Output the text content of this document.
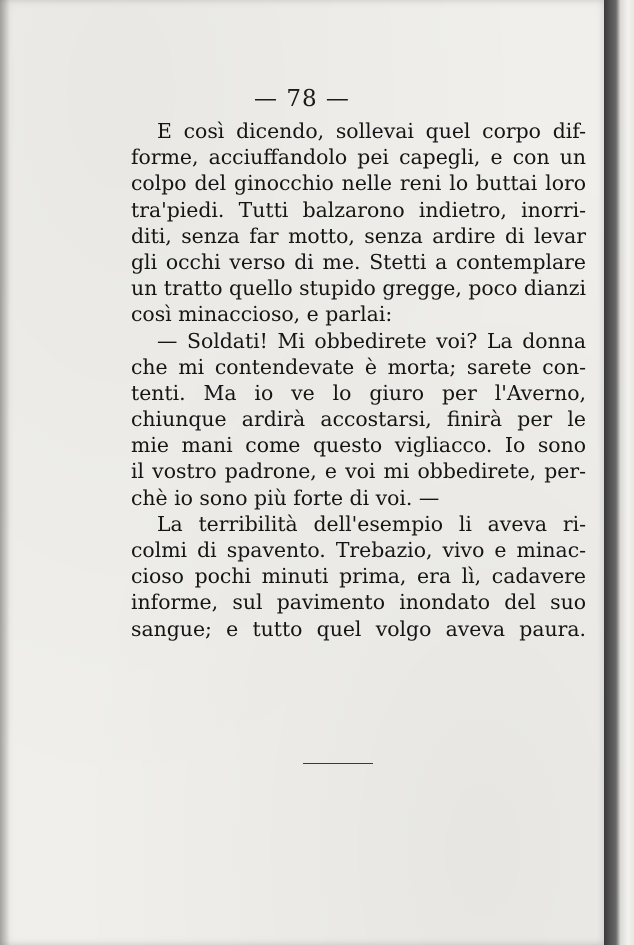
— 78 —
E così dicendo, sollevai quel corpo dif-
forme, acciuffandolo pei capegli, e con un
colpo del ginocchio nelle reni lo buttai loro
tra'piedi. Tutti balzarono indietro, inorri-
diti, senza far motto, senza ardire di levar
gli occhi verso di me. Stetti a contemplare
un tratto quello stupido gregge, poco dianzi
così minaccioso, e parlai:
— Soldati! Mi obbedirete voi? La donna
che mi contendevate è morta; sarete con-
tenti. Ma io ve lo giuro per l'Averno,
chiunque ardirà accostarsi, finirà per le
mie mani come questo vigliacco. Io sono
il vostro padrone, e voi mi obbedirete, per-
chè io sono più forte di voi. —
La terribilità dell'esempio li aveva ri-
colmi di spavento. Trebazio, vivo e minac-
cioso pochi minuti prima, era lì, cadavere
informe, sul pavimento inondato del suo
sangue; e tutto quel volgo aveva paura.
